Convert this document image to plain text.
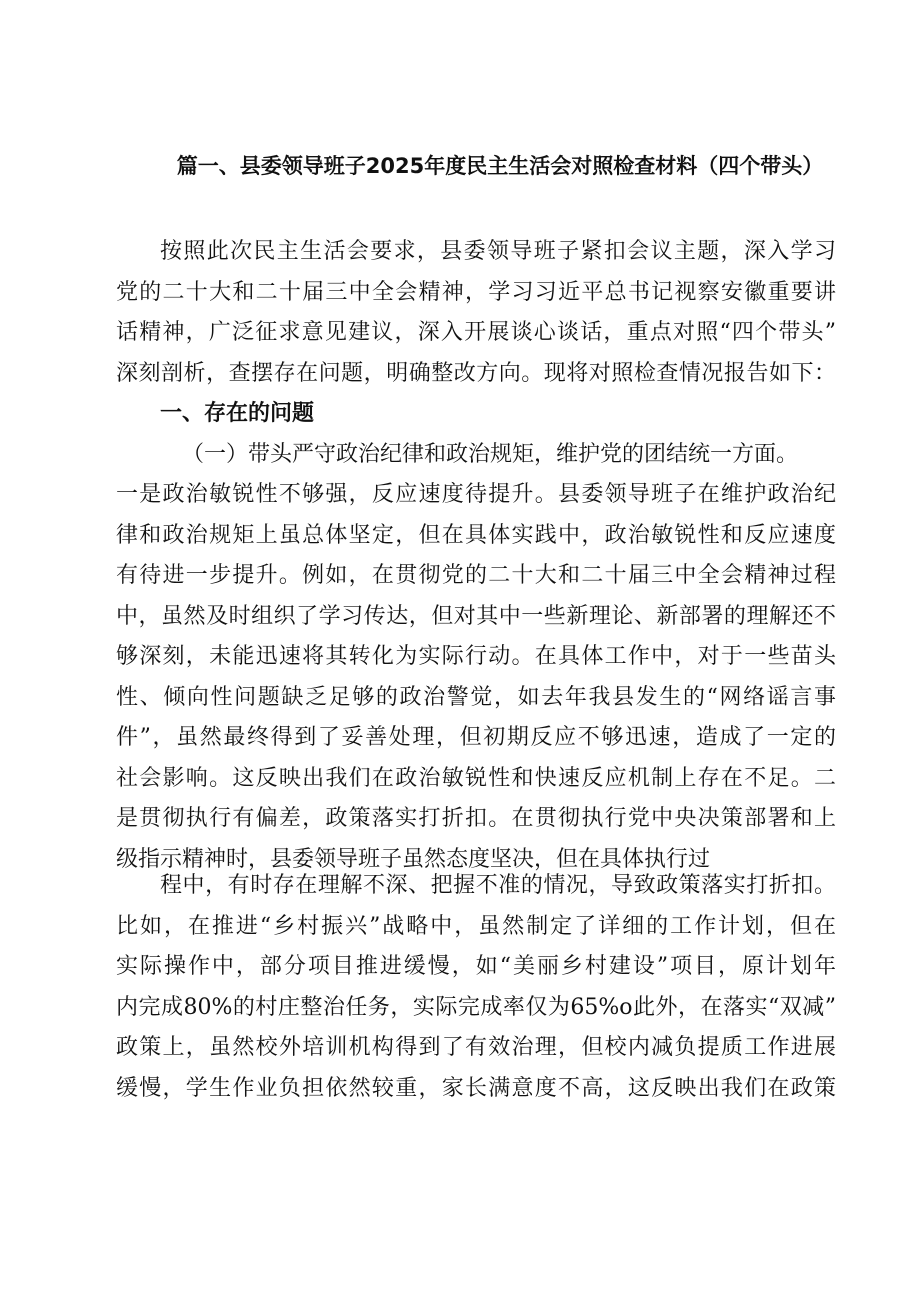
篇一、县委领导班子2025年度民主生活会对照检查材料（四个带头）
按照此次民主生活会要求，县委领导班子紧扣会议主题，深入学习
党的二十大和二十届三中全会精神，学习习近平总书记视察安徽重要讲
话精神，广泛征求意见建议，深入开展谈心谈话，重点对照“四个带头”
深刻剖析，查摆存在问题，明确整改方向。现将对照检查情况报告如下：
一、存在的问题
（一）带头严守政治纪律和政治规矩，维护党的团结统一方面。
一是政治敏锐性不够强，反应速度待提升。县委领导班子在维护政治纪
律和政治规矩上虽总体坚定，但在具体实践中，政治敏锐性和反应速度
有待进一步提升。例如，在贯彻党的二十大和二十届三中全会精神过程
中，虽然及时组织了学习传达，但对其中一些新理论、新部署的理解还不
够深刻，未能迅速将其转化为实际行动。在具体工作中，对于一些苗头
性、倾向性问题缺乏足够的政治警觉，如去年我县发生的“网络谣言事
件”，虽然最终得到了妥善处理，但初期反应不够迅速，造成了一定的
社会影响。这反映出我们在政治敏锐性和快速反应机制上存在不足。二
是贯彻执行有偏差，政策落实打折扣。在贯彻执行党中央决策部署和上
级指示精神时，县委领导班子虽然态度坚决，但在具体执行过
程中，有时存在理解不深、把握不准的情况，导致政策落实打折扣。
比如，在推进“乡村振兴”战略中，虽然制定了详细的工作计划，但在
实际操作中，部分项目推进缓慢，如“美丽乡村建设”项目，原计划年
内完成80%的村庄整治任务，实际完成率仅为65%o此外，在落实“双减”
政策上，虽然校外培训机构得到了有效治理，但校内减负提质工作进展
缓慢，学生作业负担依然较重，家长满意度不高，这反映出我们在政策
